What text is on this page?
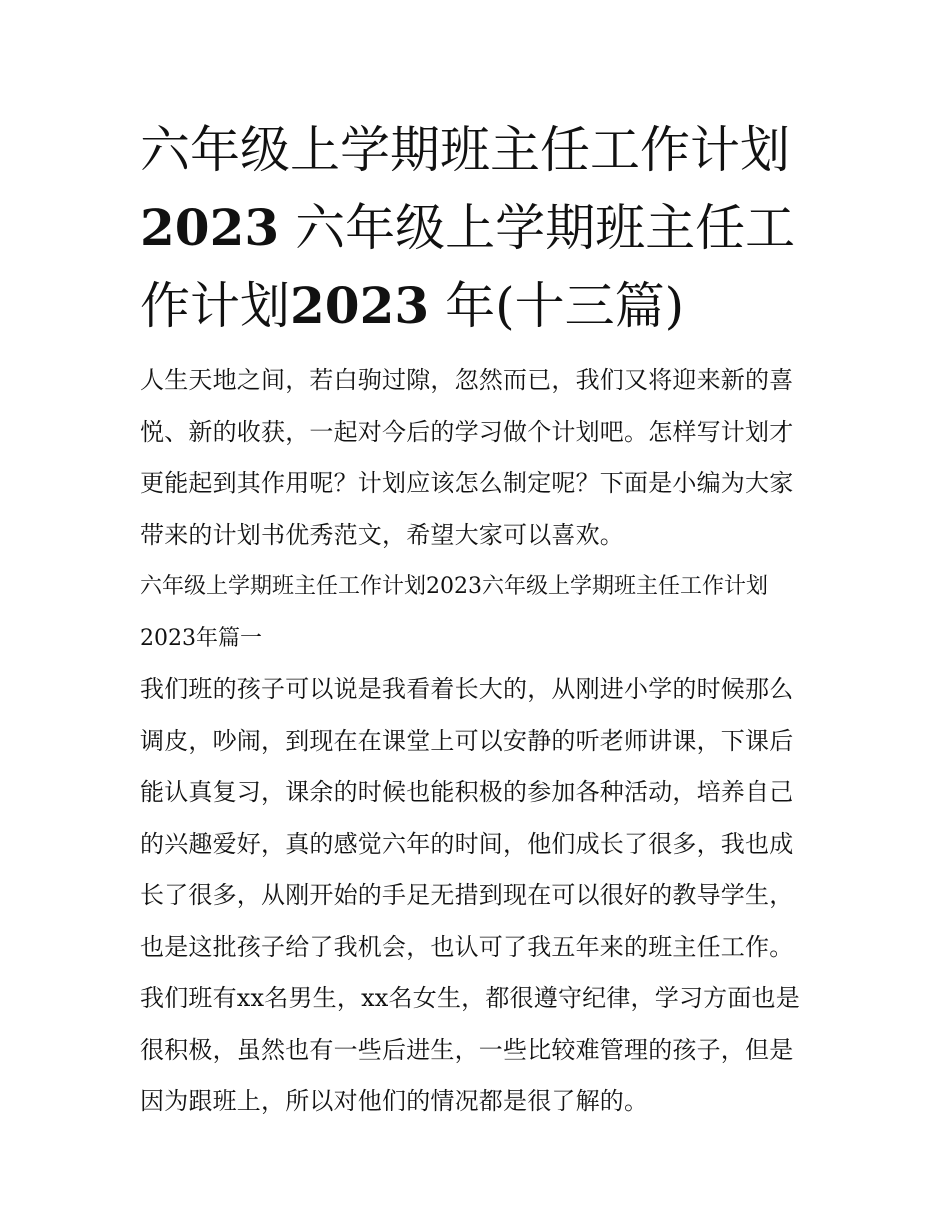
六年级上学期班主任工作计划2023 六年级上学期班主任工作计划2023 年(十三篇)

人生天地之间，若白驹过隙，忽然而已，我们又将迎来新的喜悦、新的收获，一起对今后的学习做个计划吧。怎样写计划才更能起到其作用呢？计划应该怎么制定呢？下面是小编为大家带来的计划书优秀范文，希望大家可以喜欢。

六年级上学期班主任工作计划2023六年级上学期班主任工作计划2023年篇一

我们班的孩子可以说是我看着长大的，从刚进小学的时候那么调皮，吵闹，到现在在课堂上可以安静的听老师讲课，下课后能认真复习，课余的时候也能积极的参加各种活动，培养自己的兴趣爱好，真的感觉六年的时间，他们成长了很多，我也成长了很多，从刚开始的手足无措到现在可以很好的教导学生，也是这批孩子给了我机会，也认可了我五年来的班主任工作。我们班有xx名男生，xx名女生，都很遵守纪律，学习方面也是很积极，虽然也有一些后进生，一些比较难管理的孩子，但是因为跟班上，所以对他们的情况都是很了解的。
